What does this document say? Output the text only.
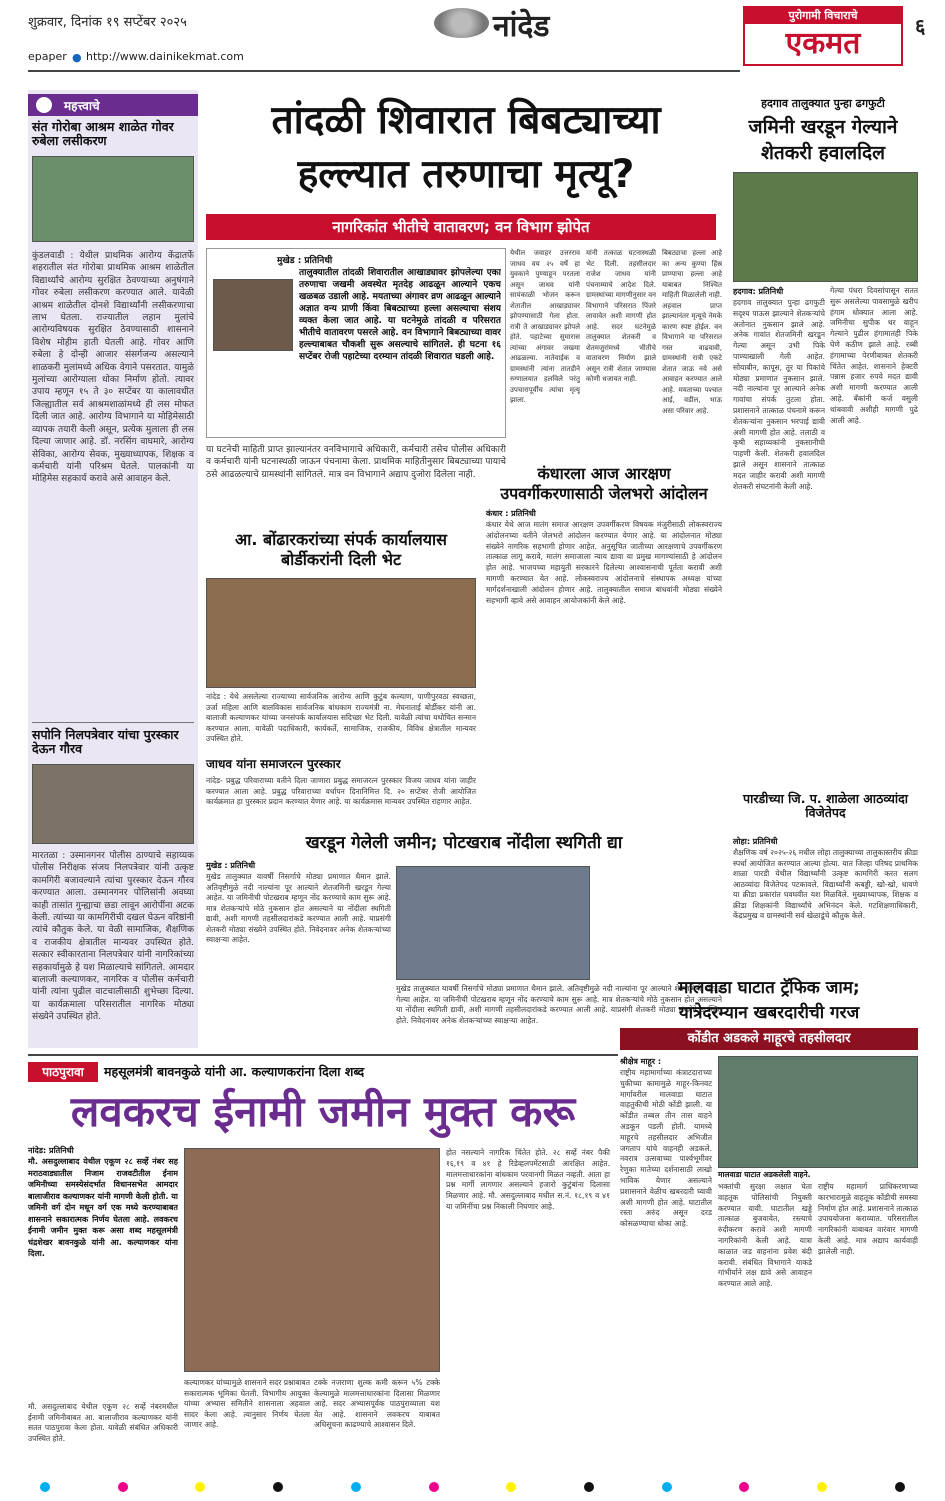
शुक्रवार, दिनांक १९ सप्टेंबर २०२५	नांदेड	पुरोगामी विचाराचे
एकमत	६
epaper ● http://www.dainikekmat.com
महत्त्वाचे
संत गोरोबा आश्रम शाळेत गोवर रुबेला लसीकरण
कुंडलवाडी : येथील प्राथमिक आरोग्य केंद्रातर्फे शहरातील संत गोरोबा प्राथमिक आश्रम शाळेतील विद्यार्थ्यांचे आरोग्य सुरक्षित ठेवण्याच्या अनुषंगाने गोवर रुबेला लसीकरण करण्यात आले. यावेळी आश्रम शाळेतील दोनशे विद्यार्थ्यांनी लसीकरणाचा लाभ घेतला. राज्यातील लहान मुलांचे आरोग्यविषयक सुरक्षित ठेवण्यासाठी शासनाने विशेष मोहीम हाती घेतली आहे. गोवर आणि रुबेला हे दोन्ही आजार संसर्गजन्य असल्याने शाळकरी मुलांमध्ये अधिक वेगाने पसरतात. यामुळे मुलांच्या आरोग्याला धोका निर्माण होतो. त्यावर उपाय म्हणून १५ ते ३० सप्टेंबर या कालावधीत जिल्ह्यातील सर्व आश्रमशाळांमध्ये ही लस मोफत दिली जात आहे. आरोग्य विभागाने या मोहिमेसाठी व्यापक तयारी केली असून, प्रत्येक मुलाला ही लस दिल्या जाणार आहे. डॉ. नरसिंग वाघमारे, आरोग्य सेविका, आरोग्य सेवक, मुख्याध्यापक, शिक्षक व कर्मचारी यांनी परिश्रम घेतले. पालकांनी या मोहिमेस सहकार्य करावे असे आवाहन केले.
सपोनि निलपत्रेवार यांचा पुरस्कार देऊन गौरव
मारतळा : उस्मानगनर पोलीस ठाण्याचे सहाय्यक पोलीस निरीक्षक संजय निलपत्रेवार यांनी उत्कृष्ट कामगिरी बजावल्याने त्यांचा पुरस्कार देऊन गौरव करण्यात आला. उस्मानगनर पोलिसांनी अवघ्या काही तासांत गुन्ह्याचा छडा लावून आरोपींना अटक केली. त्यांच्या या कामगिरीची दखल घेऊन वरिष्ठांनी त्यांचे कौतुक केले. या वेळी सामाजिक, शैक्षणिक व राजकीय क्षेत्रातील मान्यवर उपस्थित होते. सत्कार स्वीकारताना निलपत्रेवार यांनी नागरिकांच्या सहकार्यामुळे हे यश मिळाल्याचे सांगितले. आमदार बालाजी कल्याणकर, नागरिक व पोलीस कर्मचारी यांनी त्यांना पुढील वाटचालीसाठी शुभेच्छा दिल्या. या कार्यक्रमाला परिसरातील नागरिक मोठ्या संख्येने उपस्थित होते.
तांदळी शिवारात बिबट्याच्या
हल्ल्यात तरुणाचा मृत्यू?
नागरिकांत भीतीचे वातावरण; वन विभाग झोपेत
मुखेड : प्रतिनिधी
तालुक्यातील तांदळी शिवारातील आखाड्यावर झोपलेल्या एका तरुणाचा जखमी अवस्थेत मृतदेह आढळून आल्याने एकच खळबळ उडाली आहे. मयताच्या अंगावर व्रण आढळून आल्याने अज्ञात वन्य प्राणी किंवा बिबट्याच्या हल्ला असल्याचा संशय व्यक्त केला जात आहे. या घटनेमुळे तांदळी व परिसरात भीतीचे वातावरण पसरले आहे. वन विभागाने बिबट्याच्या वावर हल्ल्याबाबत चौकशी सुरू असल्याचे सांगितले. ही घटना १६ सप्टेंबर रोजी पहाटेच्या दरम्यान तांदळी शिवारात घडली आहे.
या घटनेची माहिती प्राप्त झाल्यानंतर वनविभागाचे अधिकारी, कर्मचारी तसेच पोलीस अधिकारी व कर्मचारी यांनी घटनास्थळी जाऊन पंचनामा केला. प्राथमिक माहितीनुसार बिबट्याच्या पायाचे ठसे आढळल्याचे ग्रामस्थांनी सांगितले. मात्र वन विभागाने अद्याप दुजोरा दिलेला नाही.
येथील जवाहर उत्तरराव जाधव वय २५ वर्षे हा युवकाने पुण्याहून परतला असून जाधव यांनी सायंकाळी भोजन करून शेतातील आखाड्यावर झोपण्यासाठी गेला होता. रात्री ते आखाड्यावर झोपले होते. पहाटेच्या सुमारास त्यांच्या अंगावर जखमा आढळल्या. नातेवाईक व ग्रामस्थांनी त्यांना तातडीने रुग्णालयात हलविले परंतु उपचारापूर्वीच त्यांचा मृत्यू झाला.
यांनी तत्काळ घटनास्थळी भेट दिली. तहसीलदार राजेश जाधव यांनी पंचनाम्याचे आदेश दिले. ग्रामस्थांच्या मागणीनुसार वन विभागाने परिसरात पिंजरे लावावेत अशी मागणी होत आहे. सदर घटनेमुळे तालुक्यात शेतकरी व शेतमजुरांमध्ये भीतीचे वातावरण निर्माण झाले असून रात्री शेतात जाण्यास कोणी धजावत नाही.
बिबट्याचा हल्ला आहे का अन्य कुण्या हिंस्र प्राण्याचा हल्ला आहे याबाबत निश्चित माहिती मिळालेली नाही. अहवाल प्राप्त झाल्यानंतर मृत्यूचे नेमके कारण स्पष्ट होईल. वन विभागाने या परिसरात गस्त वाढवावी, ग्रामस्थांनी रात्री एकटे शेतात जाऊ नये असे आवाहन करण्यात आले आहे. मयताच्या पश्चात आई, वडील, भाऊ असा परिवार आहे.
आ. बोंढारकरांच्या संपर्क कार्यालयास बोर्डीकरांनी दिली भेट
नांदेड : येथे असलेल्या राज्याच्या सार्वजनिक आरोग्य आणि कुटुंब कल्याण, पाणीपुरवठा स्वच्छता, उर्जा महिला आणि बालविकास सार्वजनिक बांधकाम राज्यमंत्री ना. मेघनाताई बोर्डीकर यांनी आ. बालाजी कल्याणकर यांच्या जनसंपर्क कार्यालयास सदिच्छा भेट दिली. यावेळी त्यांचा यथोचित सन्मान करण्यात आला. यावेळी पदाधिकारी, कार्यकर्ते, सामाजिक, राजकीय, विविध क्षेत्रातील मान्यवर उपस्थित होते.
जाधव यांना समाजरत्न पुरस्कार
नांदेड- प्रबुद्ध परिवाराच्या वतीने दिला जाणारा प्रबुद्ध समाजरत्न पुरस्कार विजय जाधव यांना जाहीर करण्यात आला आहे. प्रबुद्ध परिवाराच्या वर्धापन दिनानिमित्त दि. २० सप्टेंबर रोजी आयोजित कार्यक्रमात हा पुरस्कार प्रदान करण्यात येणार आहे. या कार्यक्रमास मान्यवर उपस्थित राहणार आहेत.
कंधारला आज आरक्षण उपवर्गीकरणासाठी जेलभरो आंदोलन
कंधार : प्रतिनिधी
कंधार येथे आज मातंग समाज आरक्षण उपवर्गीकरण विषयक मंजुरीसाठी लोकस्वराज्य आंदोलनच्या वतीने जेलभरो आंदोलन करण्यात येणार आहे. या आंदोलनात मोठ्या संख्येने नागरिक सहभागी होणार आहेत. अनुसूचित जातीच्या आरक्षणाचे उपवर्गीकरण तात्काळ लागू करावे, मातंग समाजाला न्याय द्यावा या प्रमुख मागण्यांसाठी हे आंदोलन होत आहे. भाजपच्या महायुती सरकारने दिलेल्या आश्वासनाची पूर्तता करावी अशी मागणी करण्यात येत आहे. लोकस्वराज्य आंदोलनाचे संस्थापक अध्यक्ष यांच्या मार्गदर्शनाखाली आंदोलन होणार आहे. तालुक्यातील समाज बांधवांनी मोठ्या संख्येने सहभागी व्हावे असे आवाहन आयोजकांनी केले आहे.
खरडून गेलेली जमीन; पोटखराब नोंदीला स्थगिती द्या
मुखेड : प्रतिनिधी
मुखेड तालुक्यात यावर्षी निसर्गाचे मोठ्या प्रमाणात थैमान झाले. अतिवृष्टीमुळे नदी नाल्यांना पूर आल्याने शेतजमिनी खरडून गेल्या आहेत. या जमिनीची पोटखराब म्हणून नोंद करण्याचे काम सुरू आहे. मात्र शेतकऱ्यांचे मोठे नुकसान होत असल्याने या नोंदीला स्थगिती द्यावी, अशी मागणी तहसीलदारांकडे करण्यात आली आहे. याप्रसंगी शेतकरी मोठ्या संख्येने उपस्थित होते. निवेदनावर अनेक शेतकऱ्यांच्या स्वाक्षऱ्या आहेत.
मुखेड तालुक्यात यावर्षी निसर्गाचे मोठ्या प्रमाणात थैमान झाले. अतिवृष्टीमुळे नदी नाल्यांना पूर आल्याने शेतजमिनी खरडून गेल्या आहेत. या जमिनीची पोटखराब म्हणून नोंद करण्याचे काम सुरू आहे. मात्र शेतकऱ्यांचे मोठे नुकसान होत असल्याने या नोंदीला स्थगिती द्यावी, अशी मागणी तहसीलदारांकडे करण्यात आली आहे. याप्रसंगी शेतकरी मोठ्या संख्येने उपस्थित होते. निवेदनावर अनेक शेतकऱ्यांच्या स्वाक्षऱ्या आहेत.
हदगाव तालुक्यात पुन्हा ढगफुटी
जमिनी खरडून गेल्याने शेतकरी हवालदिल
हदगाव: प्रतिनिधी
हदगाव तालुक्यात पुन्हा ढगफुटी सदृश्य पाऊस झाल्याने शेतकऱ्यांचे अतोनात नुकसान झाले आहे. अनेक गावांत शेतजमिनी खरडून गेल्या असून उभी पिके पाण्याखाली गेली आहेत. सोयाबीन, कापूस, तूर या पिकांचे मोठ्या प्रमाणात नुकसान झाले. नदी नाल्यांना पूर आल्याने अनेक गावांचा संपर्क तुटला होता. प्रशासनाने तात्काळ पंचनामे करून शेतकऱ्यांना नुकसान भरपाई द्यावी अशी मागणी होत आहे. तलाठी व कृषी सहाय्यकांनी नुकसानीची पाहणी केली. शेतकरी हवालदिल झाले असून शासनाने तात्काळ मदत जाहीर करावी अशी मागणी शेतकरी संघटनांनी केली आहे.
गेल्या पंधरा दिवसांपासून सतत सुरू असलेल्या पावसामुळे खरीप हंगाम धोक्यात आला आहे. जमिनीचा सुपीक थर वाहून गेल्याने पुढील हंगामातही पिके घेणे कठीण झाले आहे. रब्बी हंगामाच्या पेरणीबाबत शेतकरी चिंतेत आहेत. शासनाने हेक्टरी पन्नास हजार रुपये मदत द्यावी अशी मागणी करण्यात आली आहे. बँकांनी कर्ज वसुली थांबवावी अशीही मागणी पुढे आली आहे.
पारडीच्या जि. प. शाळेला आठव्यांदा विजेतेपद
लोहा: प्रतिनिधी
शैक्षणिक वर्ष २०२५-२६ मधील लोहा तालुक्याच्या तालुकास्तरीय क्रीडा स्पर्धा आयोजित करण्यात आल्या होत्या. यात जिल्हा परिषद प्राथमिक शाळा पारडी येथील विद्यार्थ्यांनी उत्कृष्ट कामगिरी करत सलग आठव्यांदा विजेतेपद पटकावले. विद्यार्थ्यांनी कबड्डी, खो-खो, धावणे या क्रीडा प्रकारांत घवघवीत यश मिळविले. मुख्याध्यापक, शिक्षक व क्रीडा शिक्षकांनी विद्यार्थ्यांचे अभिनंदन केले. गटशिक्षणाधिकारी, केंद्रप्रमुख व ग्रामस्थांनी सर्व खेळाडूंचे कौतुक केले.
मालवाडा घाटात ट्रॅफिक जाम;
यात्रेदरम्यान खबरदारीची गरज
कोंडीत अडकले माहूरचे तहसीलदार
पाठपुरावा	महसूलमंत्री बावनकुळे यांनी आ. कल्याणकरांना दिला शब्द
लवकरच ईनामी जमीन मुक्त करू
नांदेड: प्रतिनिधी
मौ. असदुल्लाबाद येथील एकूण २८ सर्व्हे नंबर सह मराठवाड्यातील निजाम राजवटीतील ईनाम जमिनीच्या समस्येसंदर्भात विधानसभेत आमदार बालाजीराव कल्याणकर यांनी मागणी केली होती. या जमिनी वर्ग दोन मधून वर्ग एक मध्ये करण्याबाबत शासनाने सकारात्मक निर्णय घेतला आहे. लवकरच ईनामी जमीन मुक्त करू असा शब्द महसूलमंत्री चंद्रशेखर बावनकुळे यांनी आ. कल्याणकर यांना दिला.
मौ. असदुल्लाबाद येथील एकूण २८ सर्व्हे नंबरमधील ईनामी जमिनीबाबत आ. बालाजीराव कल्याणकर यांनी सतत पाठपुरावा केला होता. यावेळी संबंधित अधिकारी उपस्थित होते.
कल्याणकर यांच्यामुळे शासनाने सदर प्रश्नाबाबत सकारात्मक भूमिका घेतली. विभागीय आयुक्त यांच्या अभ्यास समितीने शासनाला अहवाल सादर केला आहे. त्यानुसार निर्णय घेतला जाणार आहे.
टक्के नजराणा शुल्क कमी करून ५% टक्के केल्यामुळे मालमत्ताधारकांना दिलासा मिळणार आहे. सदर अभ्यासपूर्वक पाठपुराव्याला यश येत आहे. शासनाने लवकरच याबाबत अधिसूचना काढण्याचे आश्वासन दिले.
होत नसल्याने नागरिक चिंतेत होते. २८ सर्व्हे नंबर पैकी १६,१९ व ४१ हे रिडेव्हलपमेंटसाठी आरक्षित आहेत. मालमत्ताधारकांना बांधकाम परवानगी मिळत नव्हती. आता हा प्रश्न मार्गी लागणार असल्याने हजारो कुटुंबांना दिलासा मिळणार आहे. मौ. असदुल्लाबाद मधील स.नं. १८,१९ व ४१ या जमिनींचा प्रश्न निकाली निघणार आहे.
श्रीक्षेत्र माहूर :
राष्ट्रीय महामार्गाच्या कंत्राटदाराच्या चुकीच्या कामामुळे माहूर-किनवट मार्गावरील मालवाडा घाटात वाहतुकीची मोठी कोंडी झाली. या कोंडीत तब्बल तीन तास वाहने अडकून पडली होती. यामध्ये माहूरचे तहसीलदार अभिजीत जगताप यांचे वाहनही अडकले. नवरात्र उत्सवाच्या पार्श्वभूमीवर रेणुका मातेच्या दर्शनासाठी लाखो भाविक येणार असल्याने प्रशासनाने वेळीच खबरदारी घ्यावी अशी मागणी होत आहे. घाटातील रस्ता अरुंद असून दरड कोसळण्याचा धोका आहे.
मालवाडा घाटात अडकलेली वाहने.
भक्तांची सुरक्षा लक्षात घेता वाहतूक पोलिसांची नियुक्ती करण्यात यावी. घाटातील खड्डे तात्काळ बुजवावेत, रस्त्याचे रुंदीकरण करावे अशी मागणी नागरिकांनी केली आहे. यात्रा काळात जड वाहनांना प्रवेश बंदी करावी. संबंधित विभागाने याकडे गांभीर्याने लक्ष द्यावे असे आवाहन करण्यात आले आहे.
राष्ट्रीय महामार्ग प्राधिकरणाच्या कारभारामुळे वाहतूक कोंडीची समस्या निर्माण होत आहे. प्रशासनाने तात्काळ उपाययोजना कराव्यात. परिसरातील नागरिकांनी याबाबत वारंवार मागणी केली आहे. मात्र अद्याप कार्यवाही झालेली नाही.
